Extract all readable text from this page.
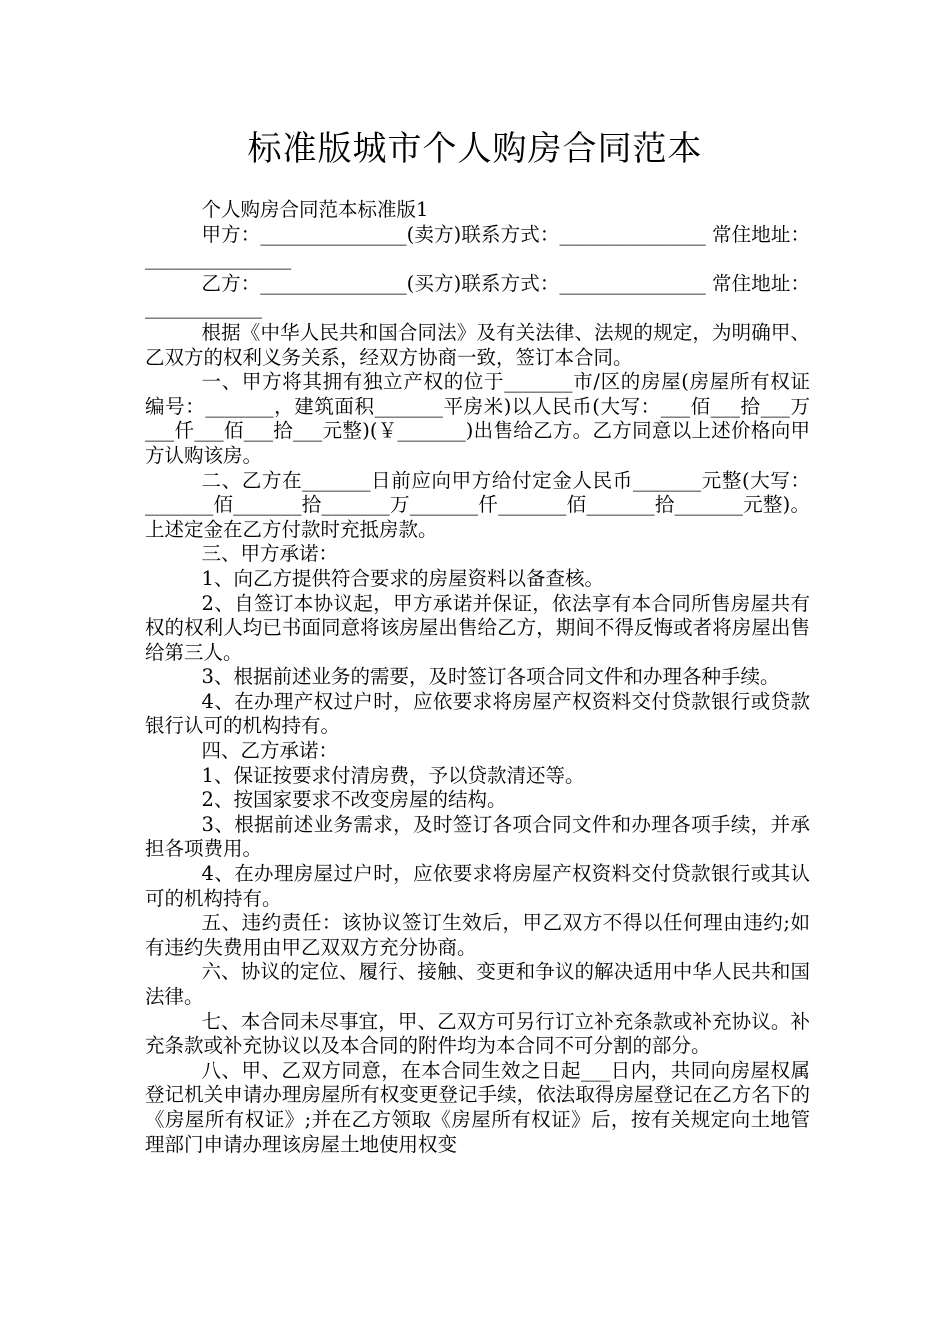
标准版城市个人购房合同范本

个人购房合同范本标准版1

甲方：_______________(卖方)联系方式：_______________ 常住地址：_______________

乙方：_______________(买方)联系方式：_______________ 常住地址：____________

根据《中华人民共和国合同法》及有关法律、法规的规定，为明确甲、乙双方的权利义务关系，经双方协商一致，签订本合同。

一、甲方将其拥有独立产权的位于_______市/区的房屋(房屋所有权证编号：_______，建筑面积_______平房米)以人民币(大写：___佰___拾___万___仟___佰___拾___元整)(￥_______)出售给乙方。乙方同意以上述价格向甲方认购该房。

二、乙方在_______日前应向甲方给付定金人民币_______元整(大写：_______佰_______拾_______万_______仟_______佰_______拾_______元整)。上述定金在乙方付款时充抵房款。

三、甲方承诺：

1、向乙方提供符合要求的房屋资料以备查核。

2、自签订本协议起，甲方承诺并保证，依法享有本合同所售房屋共有权的权利人均已书面同意将该房屋出售给乙方，期间不得反悔或者将房屋出售给第三人。

3、根据前述业务的需要，及时签订各项合同文件和办理各种手续。

4、在办理产权过户时，应依要求将房屋产权资料交付贷款银行或贷款银行认可的机构持有。

四、乙方承诺：

1、保证按要求付清房费，予以贷款清还等。

2、按国家要求不改变房屋的结构。

3、根据前述业务需求，及时签订各项合同文件和办理各项手续，并承担各项费用。

4、在办理房屋过户时，应依要求将房屋产权资料交付贷款银行或其认可的机构持有。

五、违约责任：该协议签订生效后，甲乙双方不得以任何理由违约;如有违约失费用由甲乙双双方充分协商。

六、协议的定位、履行、接触、变更和争议的解决适用中华人民共和国法律。

七、本合同未尽事宜，甲、乙双方可另行订立补充条款或补充协议。补充条款或补充协议以及本合同的附件均为本合同不可分割的部分。

八、甲、乙双方同意，在本合同生效之日起___日内，共同向房屋权属登记机关申请办理房屋所有权变更登记手续，依法取得房屋登记在乙方名下的《房屋所有权证》;并在乙方领取《房屋所有权证》后，按有关规定向土地管理部门申请办理该房屋土地使用权变
